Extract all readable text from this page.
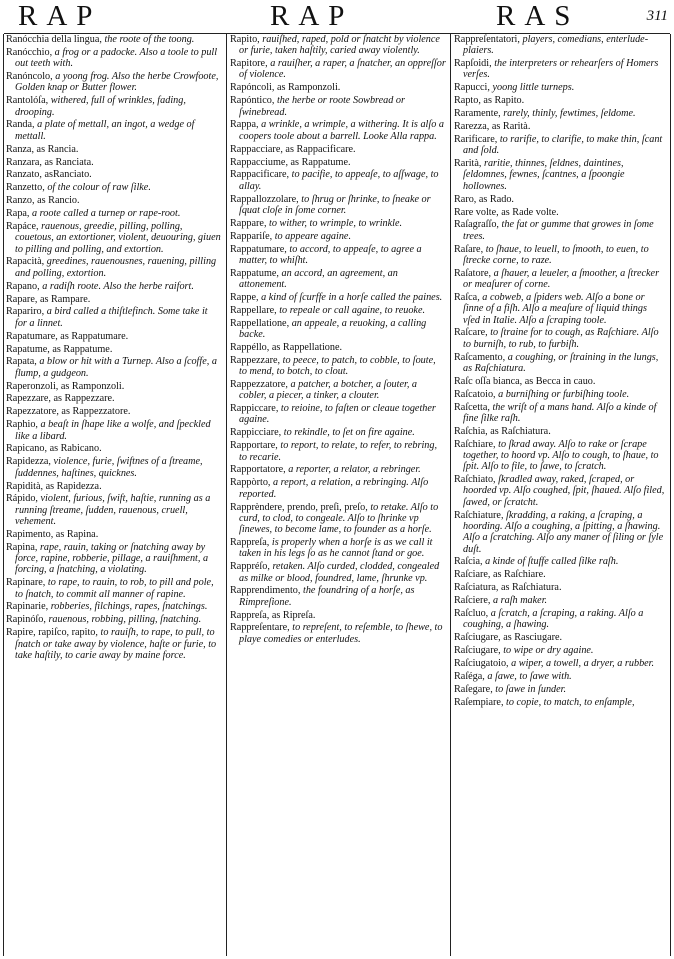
RAP	RAP	RAS	311
Ranócchia della lingua, the roote of the toong.
Ranócchio, a frog or a padocke. Also a toole to pull out teeth with.
Ranóncolo, a yoong frog. Also the herbe Crowfoote, Golden knap or Butter flower.
Rantolóſa, withered, full of wrinkles, fading, drooping.
Randa, a plate of mettall, an ingot, a wedge of mettall.
Ranza, as Rancia.
Ranzara, as Ranciata.
Ranzato, asRanciato.
Ranzetto, of the colour of raw ſilke.
Ranzo, as Rancio.
Rapa, a roote called a turnep or rape-root.
Rapáce, rauenous, greedie, pilling, polling, couetous, an extortioner, violent, deuouring, giuen to pilling and polling, and extortion.
Rapacità, greedines, rauenousnes, rauening, pilling and polling, extortion.
Rapano, a radiſh roote. Also the herbe raifort.
Rapare, as Rampare.
Rapariro, a bird called a thiſtlefinch. Some take it for a linnet.
Rapatumare, as Rappatumare.
Rapatume, as Rappatume.
Rapata, a blow or hit with a Turnep. Also a ſcoffe, a flump, a gudgeon.
Raperonzoli, as Ramponzoli.
Rapezzare, as Rappezzare.
Rapezzatore, as Rappezzatore.
Raphio, a beaſt in ſhape like a wolfe, and ſpeckled like a libard.
Rapicano, as Rabicano.
Rapidezza, violence, furie, ſwiftnes of a ſtreame, ſuddennes, haſtines, quicknes.
Rapidità, as Rapidezza.
Rápido, violent, furious, ſwift, haſtie, running as a running ſtreame, ſudden, rauenous, cruell, vehement.
Rapimento, as Rapina.
Rapina, rape, rauin, taking or ſnatching away by force, rapine, robberie, pillage, a rauiſhment, a forcing, a ſnatching, a violating.
Rapinare, to rape, to rauin, to rob, to pill and pole, to ſnatch, to commit all manner of rapine.
Rapinarie, robberies, filchings, rapes, ſnatchings.
Rapinóſo, rauenous, robbing, pilling, ſnatching.
Rapire, rapiſco, rapito, to rauiſh, to rape, to pull, to ſnatch or take away by violence, haſte or furie, to take haſtily, to carie away by maine force.
Rapito, rauiſhed, raped, pold or ſnatcht by violence or furie, taken haſtily, caried away violently.
Rapitore, a rauiſher, a raper, a ſnatcher, an oppreſſor of violence.
Rapóncoli, as Ramponzoli.
Rapóntico, the herbe or roote Sowbread or ſwinebread.
Rappa, a wrinkle, a wrimple, a withering. It is alſo a coopers toole about a barrell. Looke Alla rappa.
Rappacciare, as Rappacificare.
Rappacciume, as Rappatume.
Rappacificare, to pacifie, to appeaſe, to aſſwage, to allay.
Rappallozzolare, to ſhrug or ſhrinke, to ſneake or ſquat cloſe in ſome corner.
Rappare, to wither, to wrimple, to wrinkle.
Rappariſe, to appeare againe.
Rappatumare, to accord, to appeaſe, to agree a matter, to whiſht.
Rappatume, an accord, an agreement, an attonement.
Rappe, a kind of ſcurffe in a horſe called the paines.
Rappellare, to repeale or call againe, to reuoke.
Rappellatione, an appeale, a reuoking, a calling backe.
Rappéllo, as Rappellatione.
Rappezzare, to peece, to patch, to cobble, to ſoute, to mend, to botch, to clout.
Rappezzatore, a patcher, a botcher, a ſouter, a cobler, a piecer, a tinker, a clouter.
Rappiccare, to reioine, to faſten or cleaue together againe.
Rappicciare, to rekindle, to ſet on fire againe.
Rapportare, to report, to relate, to refer, to rebring, to recarie.
Rapportatore, a reporter, a relator, a rebringer.
Rappòrto, a report, a relation, a rebringing. Alſo reported.
Rapprèndere, prendo, preſi, preſo, to retake. Alſo to curd, to clod, to congeale. Alſo to ſhrinke vp ſinewes, to become lame, to founder as a horſe.
Rappreſa, is properly when a horſe is as we call it taken in his legs ſo as he cannot ſtand or goe.
Rappréſo, retaken. Alſo curded, clodded, congealed as milke or blood, foundred, lame, ſhrunke vp.
Rapprendimento, the foundring of a horſe, as Rimpreſione.
Rappreſa, as Ripreſa.
Rappreſentare, to repreſent, to reſemble, to ſhewe, to playe comedies or enterludes.
Rappreſentatori, players, comedians, enterlude-plaiers.
Rapſoidi, the interpreters or rehearſers of Homers verſes.
Rapucci, yoong little turneps.
Rapto, as Rapito.
Raramente, rarely, thinly, fewtimes, ſeldome.
Rarezza, as Rarità.
Rarificare, to rarifie, to clarifie, to make thin, ſcant and ſold.
Rarità, raritie, thinnes, ſeldnes, daintines, ſeldomnes, fewnes, ſcantnes, a ſpoongie hollownes.
Raro, as Rado.
Rare volte, as Rade volte.
Raſagraſſo, the fat or gumme that growes in ſome trees.
Raſare, to ſhaue, to leuell, to ſmooth, to euen, to ſtrecke corne, to raze.
Raſatore, a ſhauer, a leueler, a ſmoother, a ſtrecker or meaſurer of corne.
Raſca, a cobweb, a ſpiders web. Alſo a bone or ſinne of a fiſh. Alſo a meaſure of liquid things vſed in Italie. Alſo a ſcraping toole.
Raſcare, to ſtraine for to cough, as Raſchiare. Alſo to burniſh, to rub, to furbiſh.
Raſcamento, a coughing, or ſtraining in the lungs, as Raſchiatura.
Raſc oſſa bianca, as Becca in cauo.
Raſcatoio, a burniſhing or furbiſhing toole.
Raſcetta, the wriſt of a mans hand. Alſo a kinde of fine ſilke raſh.
Raſchia, as Raſchiatura.
Raſchiare, to ſkrad away. Alſo to rake or ſcrape together, to hoord vp. Alſo to cough, to ſhaue, to ſpit. Alſo to file, to ſawe, to ſcratch.
Raſchiato, ſkradled away, raked, ſcraped, or hoorded vp. Alſo coughed, ſpit, ſhaued. Alſo filed, ſawed, or ſcratcht.
Raſchiature, ſkradding, a raking, a ſcraping, a hoording. Alſo a coughing, a ſpitting, a ſhawing. Alſo a ſcratching. Alſo any maner of ſiling or ſyle duſt.
Raſcia, a kinde of ſtuffe called ſilke raſh.
Raſciare, as Raſchiare.
Raſciatura, as Raſchiatura.
Raſciere, a raſh maker.
Raſcluo, a ſcratch, a ſcraping, a raking. Alſo a coughing, a ſhawing.
Raſciugare, as Rasciugare.
Raſciugare, to wipe or dry againe.
Raſciugatoio, a wiper, a towell, a dryer, a rubber.
Raſéga, a ſawe, to ſawe with.
Raſegare, to ſawe in ſunder.
Raſempiare, to copie, to match, to enſample,
